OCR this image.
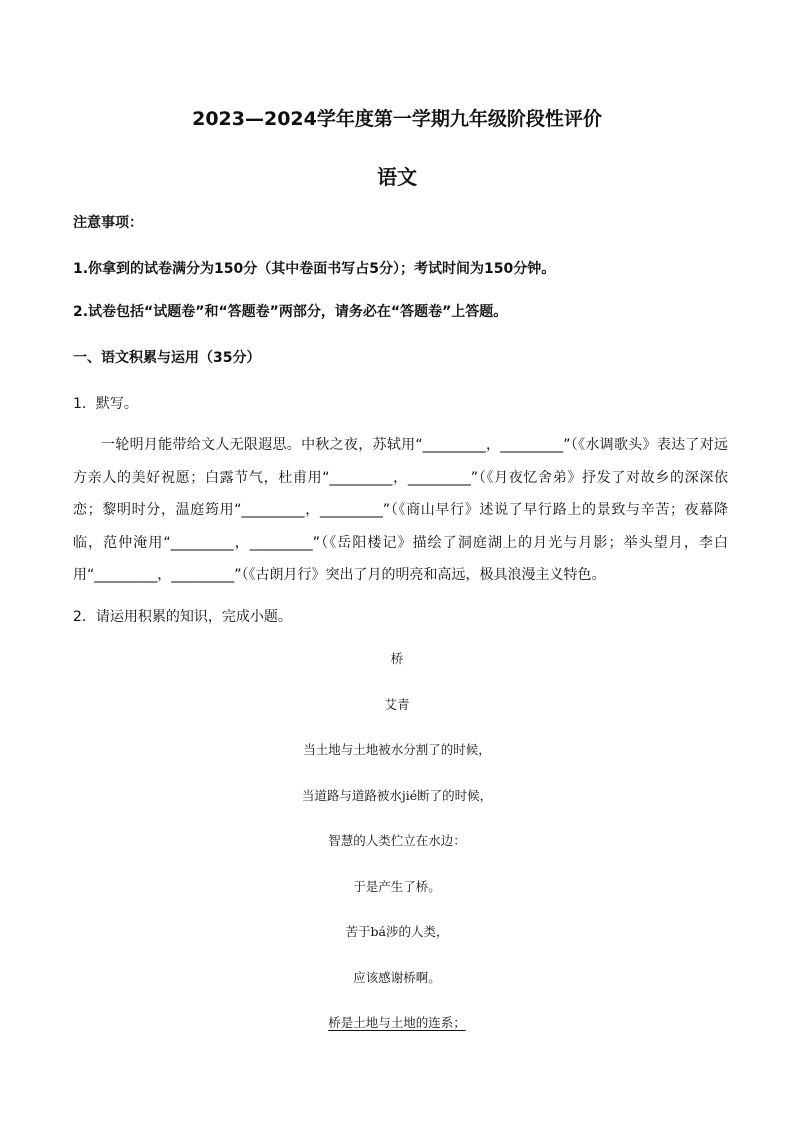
2023—2024学年度第一学期九年级阶段性评价
语文

注意事项：

1.你拿到的试卷满分为150分（其中卷面书写占5分）；考试时间为150分钟。

2.试卷包括“试题卷”和“答题卷”两部分，请务必在“答题卷”上答题。

一、语文积累与运用（35分）

1．默写。

一轮明月能带给文人无限遐思。中秋之夜，苏轼用“_________，_________”（《水调歌头》表达了对远方亲人的美好祝愿；白露节气，杜甫用“_________，_________”（《月夜忆舍弟》抒发了对故乡的深深依恋；黎明时分，温庭筠用“_________，_________”（《商山早行》述说了早行路上的景致与辛苦；夜幕降临，范仲淹用“_________，_________”（《岳阳楼记》描绘了洞庭湖上的月光与月影；举头望月，李白用“_________，_________”（《古朗月行》突出了月的明亮和高远，极具浪漫主义特色。

2．请运用积累的知识，完成小题。

桥
艾青
当土地与土地被水分割了的时候，
当道路与道路被水jié断了的时候，
智慧的人类伫立在水边：
于是产生了桥。
苦于bá涉的人类，
应该感谢桥啊。
桥是土地与土地的连系；
